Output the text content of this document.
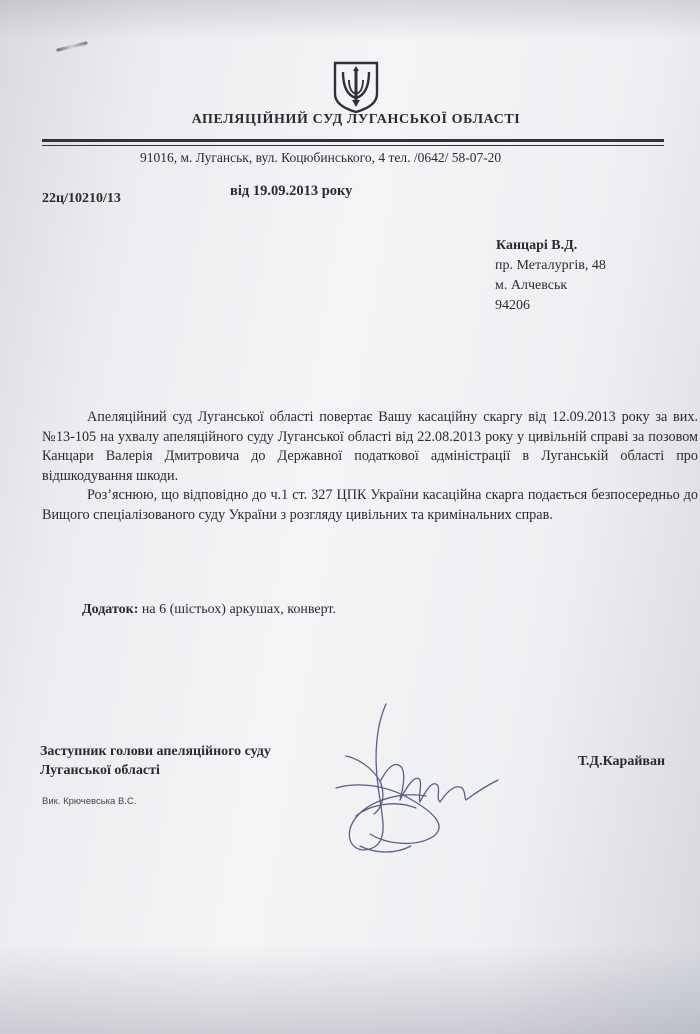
АПЕЛЯЦІЙНИЙ СУД ЛУГАНСЬКОЇ ОБЛАСТІ
91016, м. Луганськ, вул. Коцюбинського, 4 тел. /0642/ 58-07-20
22ц/10210/13	від 19.09.2013 року
Канцарі В.Д.
пр. Металургів, 48
м. Алчевськ
94206

Апеляційний суд Луганської області повертає Вашу касаційну скаргу від 12.09.2013 року за вих.№13-105 на ухвалу апеляційного суду Луганської області від 22.08.2013 року у цивільній справі за позовом Канцари Валерія Дмитровича до Державної податкової адміністрації в Луганській області про відшкодування шкоди.

Роз’яснюю, що відповідно до ч.1 ст. 327 ЦПК України касаційна скарга подається безпосередньо до Вищого спеціалізованого суду України з розгляду цивільних та кримінальних справ.

Додаток: на 6 (шістьох) аркушах, конверт.
Заступник голови апеляційного суду
Луганської області
Т.Д.Карайван
Вик. Крючевська В.С.
